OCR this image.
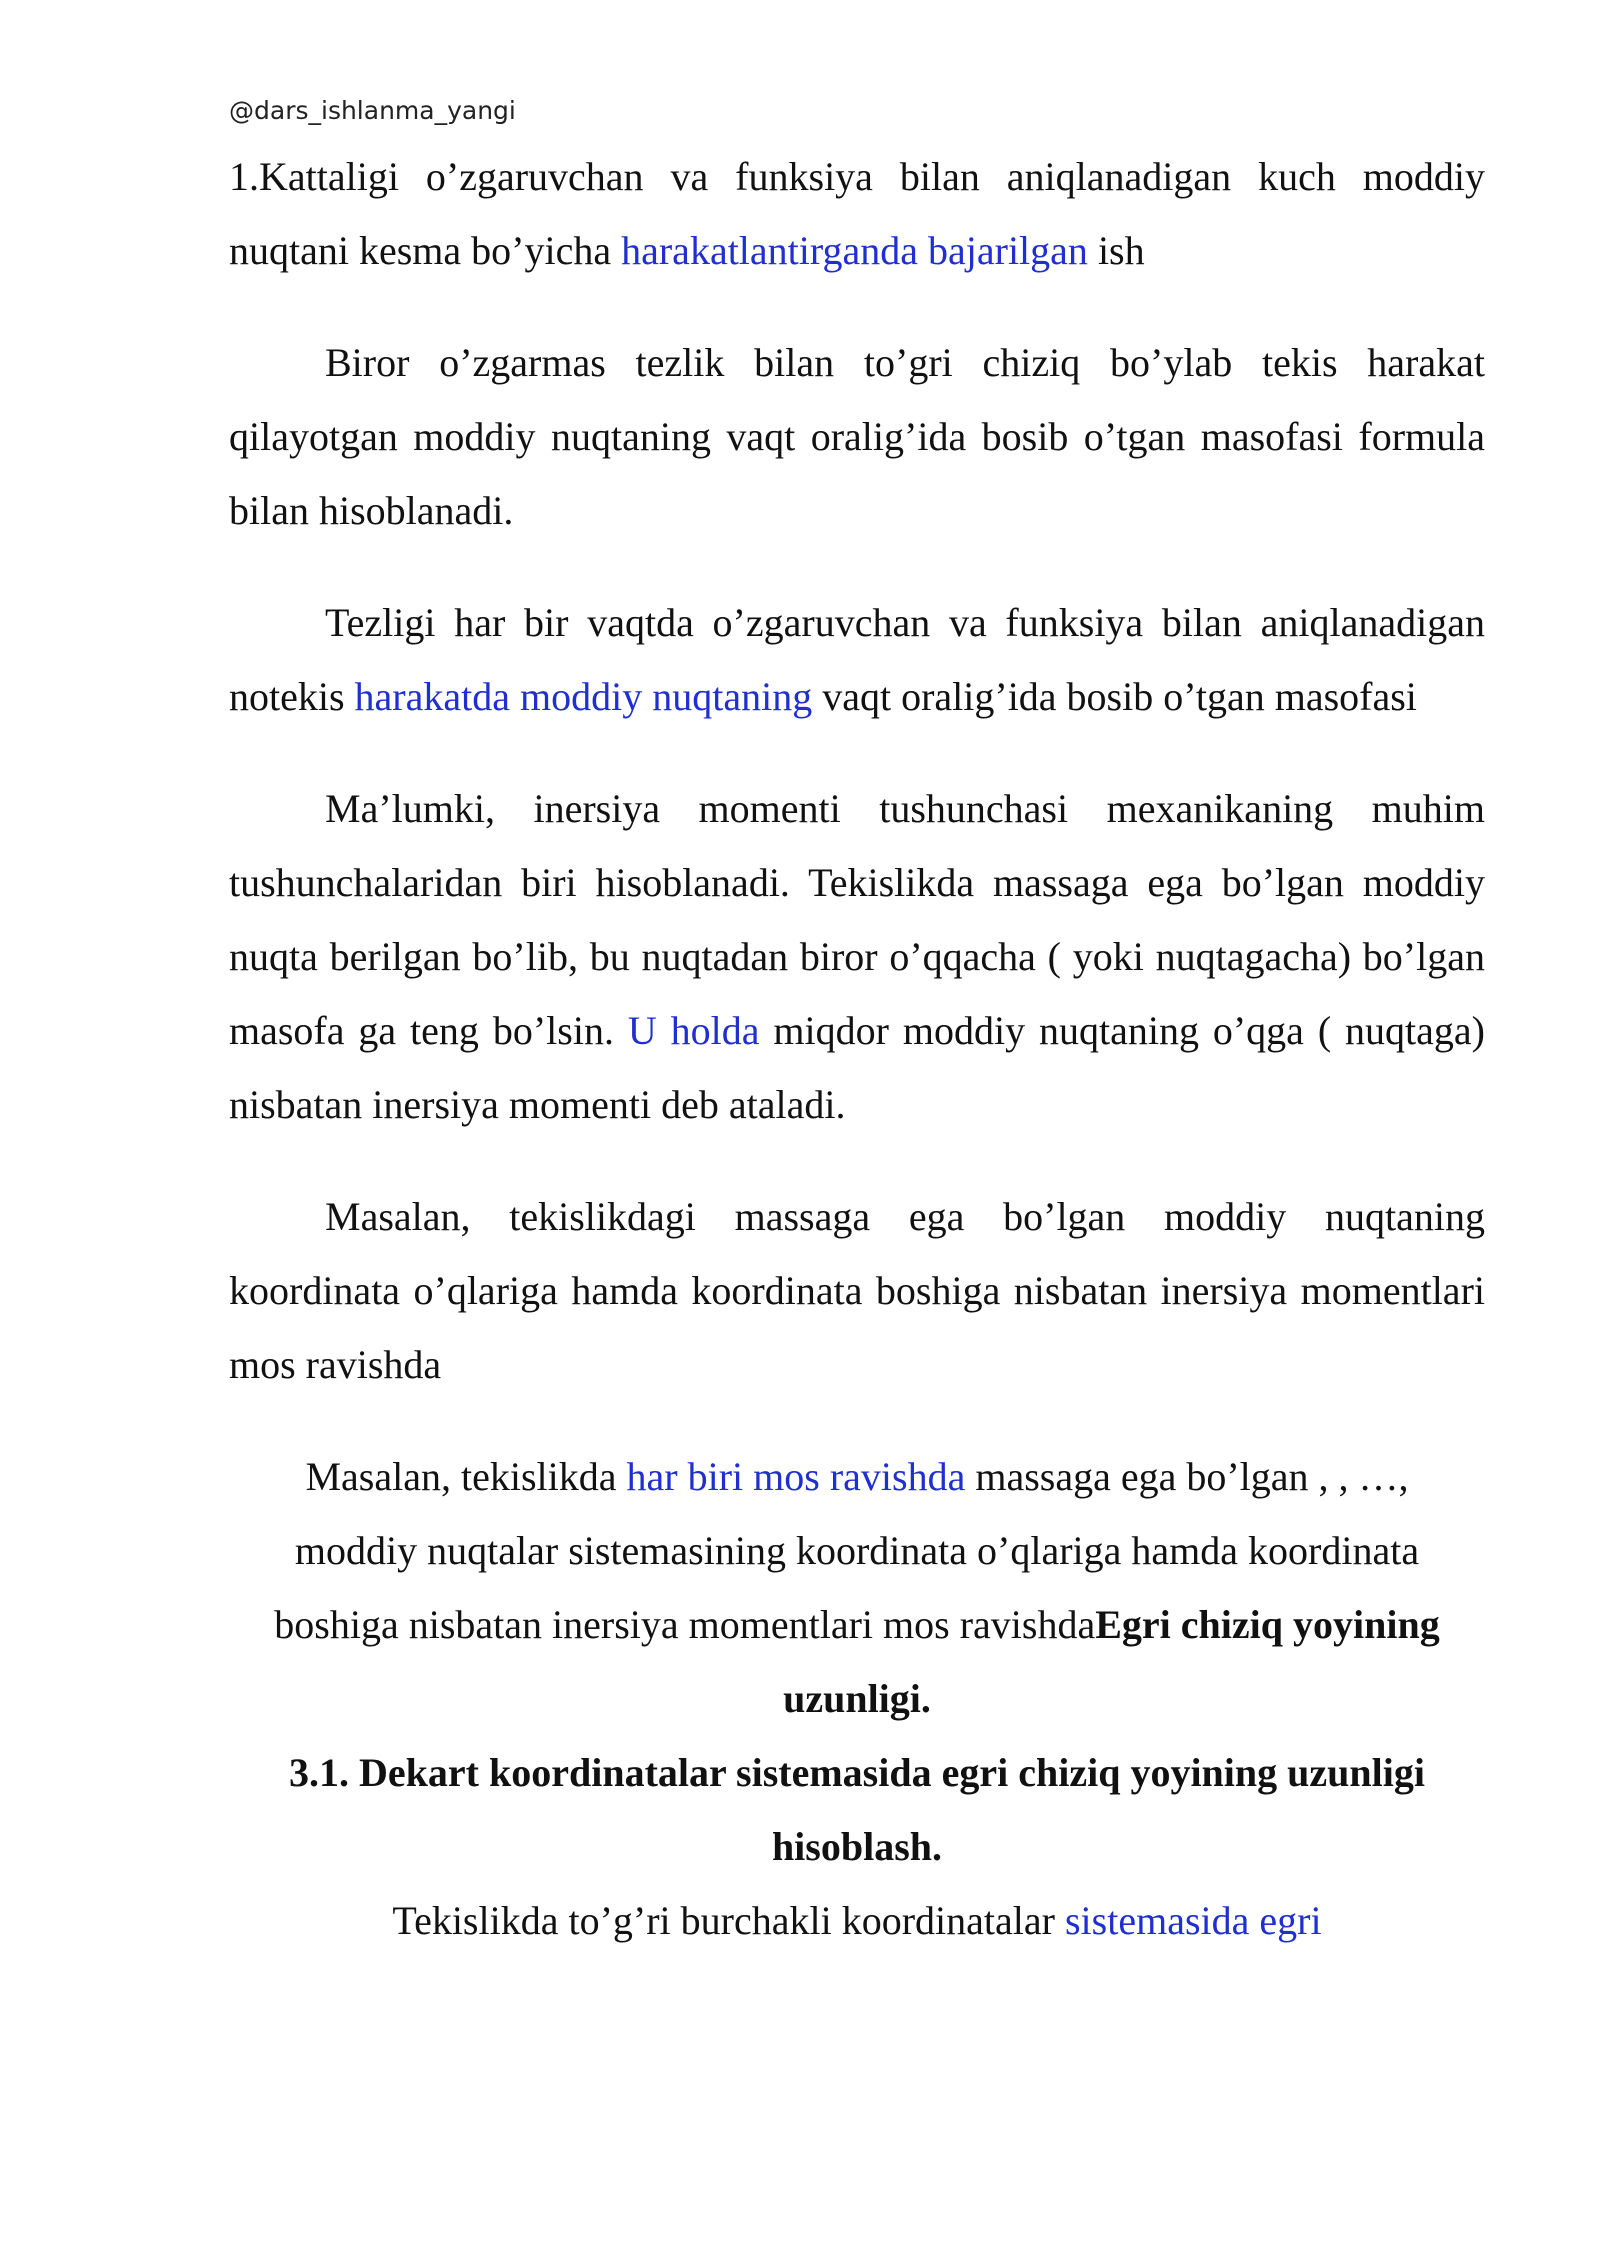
@dars_ishlanma_yangi

1.Kattaligi o’zgaruvchan va funksiya bilan aniqlanadigan kuch moddiy nuqtani kesma bo’yicha harakatlantirganda bajarilgan ish

Biror o’zgarmas tezlik bilan to’gri chiziq bo’ylab tekis harakat qilayotgan moddiy nuqtaning vaqt oralig’ida bosib o’tgan masofasi formula bilan hisoblanadi.

Tezligi har bir vaqtda o’zgaruvchan va funksiya bilan aniqlanadigan notekis harakatda moddiy nuqtaning vaqt oralig’ida bosib o’tgan masofasi

Ma’lumki, inersiya momenti tushunchasi mexanikaning muhim tushunchalaridan biri hisoblanadi. Tekislikda massaga ega bo’lgan moddiy nuqta berilgan bo’lib, bu nuqtadan biror o’qqacha ( yoki nuqtagacha) bo’lgan masofa ga teng bo’lsin. U holda miqdor moddiy nuqtaning o’qga ( nuqtaga) nisbatan inersiya momenti deb ataladi.

Masalan, tekislikdagi massaga ega bo’lgan moddiy nuqtaning koordinata o’qlariga hamda koordinata boshiga nisbatan inersiya momentlari mos ravishda

Masalan, tekislikda har biri mos ravishda massaga ega bo’lgan , , …, moddiy nuqtalar sistemasining koordinata o’qlariga hamda koordinata boshiga nisbatan inersiya momentlari mos ravishdaEgri chiziq yoyining uzunligi.

3.1. Dekart koordinatalar sistemasida egri chiziq yoyining uzunligi
hisoblash.

Tekislikda to’g’ri burchakli koordinatalar sistemasida egri
